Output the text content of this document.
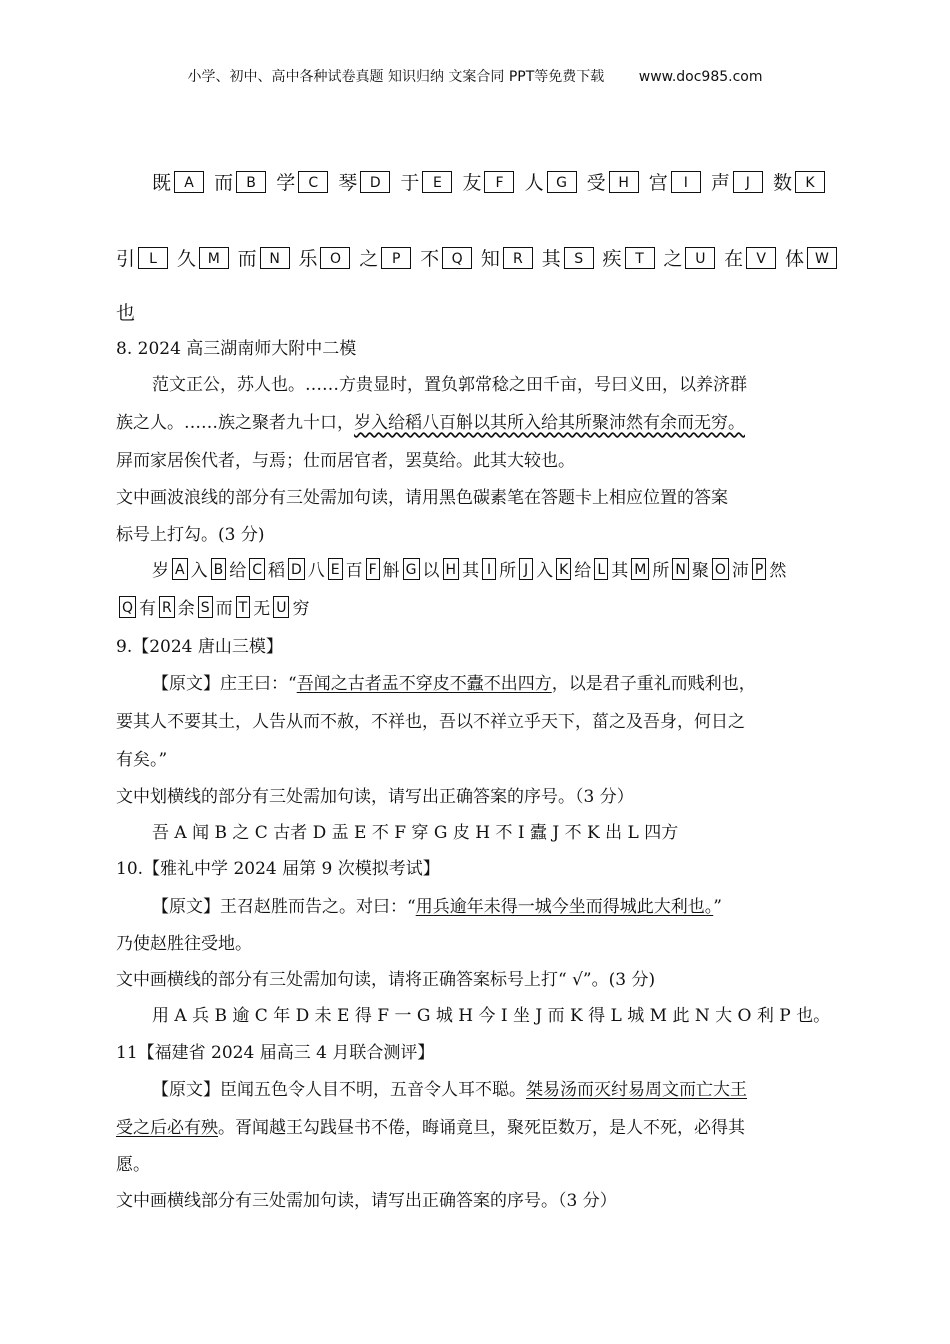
小学、初中、高中各种试卷真题 知识归纳 文案合同 PPT等免费下载 www.doc985.com
既 A	而 B	学 C	琴 D	于 E	友 F	人 G	受 H	宫	I	声	J	数 K
引	L	久 M 而 N 乐 O 之 P	不 Q 知 R 其 S	疾 T	之 U 在 V	体 W
也
8. 2024 高三湖南师大附中二模
范文正公，苏人也。……方贵显时，置负郭常稔之田千亩，号曰义田，以养济群
族之人。……族之聚者九十口，岁入给稻八百斛以其所入给其所聚沛然有余而无穷。
屏而家居俟代者，与焉；仕而居官者，罢莫给。此其大较也。
文中画波浪线的部分有三处需加句读，请用黑色碳素笔在答题卡上相应位置的答案
标号上打勾。(3 分)
岁 A 入 B 给 C 稻 D 八 E 百 F 斛 G 以 H 其 I 所 J 入 K 给 L 其 M 所 N 聚 O 沛 P 然
Q 有 R 余 S 而 T 无 U 穷
9.【2024 唐山三模】
【原文】庄王曰：“吾闻之古者盂不穿皮不蠹不出四方，以是君子重礼而贱利也，
要其人不要其土，人告从而不赦，不祥也，吾以不祥立乎天下，菑之及吾身，何日之
有矣。”
文中划横线的部分有三处需加句读，请写出正确答案的序号。（3 分）
吾 A 闻 B 之 C 古者 D 盂 E 不 F 穿 G 皮 H 不 I 蠹 J 不 K 出 L 四方
10.【雅礼中学 2024 届第 9 次模拟考试】
【原文】王召赵胜而告之。对曰：“用兵逾年未得一城今坐而得城此大利也。”
乃使赵胜往受地。
文中画横线的部分有三处需加句读，请将正确答案标号上打“ √”。(3 分)
用 A 兵 B 逾 C 年 D 未 E 得 F 一 G 城 H 今 I 坐 J 而 K 得 L 城 M 此 N 大 O 利 P 也。
11【福建省 2024 届高三 4 月联合测评】
【原文】臣闻五色令人目不明，五音令人耳不聪。桀易汤而灭纣易周文而亡大王
受之后必有殃。胥闻越王勾践昼书不倦，晦诵竟旦，聚死臣数万，是人不死，必得其
愿。
文中画横线部分有三处需加句读，请写出正确答案的序号。（3 分）
